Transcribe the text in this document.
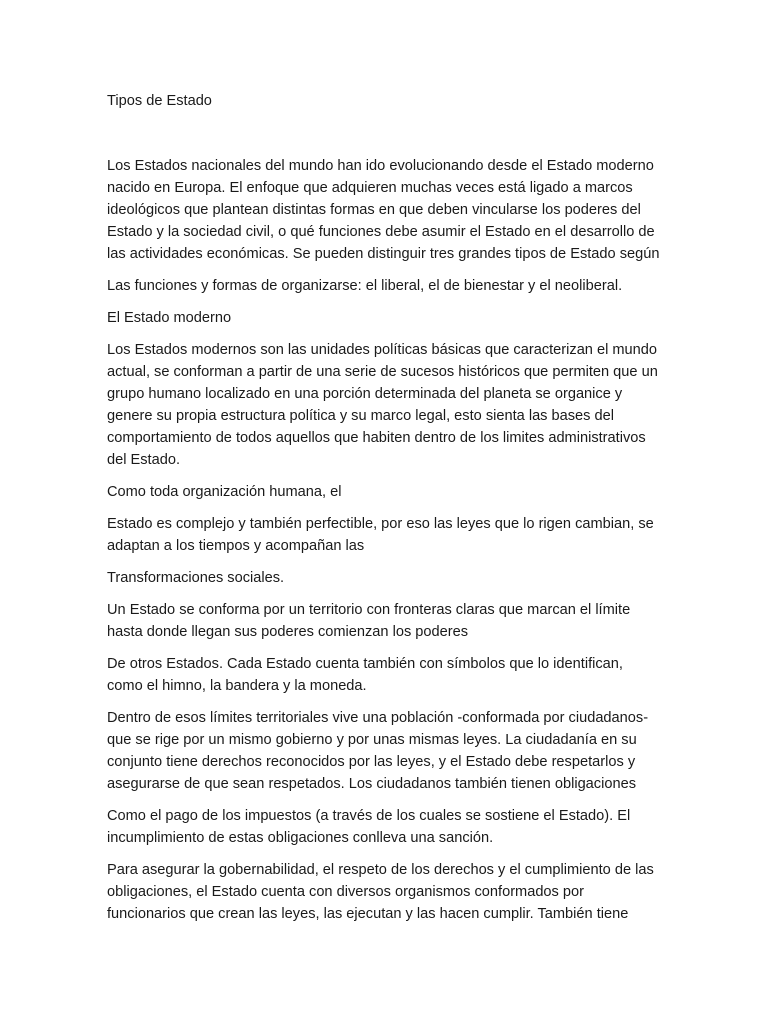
Tipos de Estado

Los Estados nacionales del mundo han ido evolucionando desde el Estado moderno nacido en Europa. El enfoque que adquieren muchas veces está ligado a marcos ideológicos que plantean distintas formas en que deben vincularse los poderes del Estado y la sociedad civil, o qué funciones debe asumir el Estado en el desarrollo de las actividades económicas. Se pueden distinguir tres grandes tipos de Estado según

Las funciones y formas de organizarse: el liberal, el de bienestar y el neoliberal.

El Estado moderno

Los Estados modernos son las unidades políticas básicas que caracterizan el mundo actual, se conforman a partir de una serie de sucesos históricos que permiten que un grupo humano localizado en una porción determinada del planeta se organice y genere su propia estructura política y su marco legal, esto sienta las bases del comportamiento de todos aquellos que habiten dentro de los limites administrativos del Estado.

Como toda organización humana, el

Estado es complejo y también perfectible, por eso las leyes que lo rigen cambian, se adaptan a los tiempos y acompañan las

Transformaciones sociales.

Un Estado se conforma por un territorio con fronteras claras que marcan el límite hasta donde llegan sus poderes comienzan los poderes

De otros Estados. Cada Estado cuenta también con símbolos que lo identifican, como el himno, la bandera y la moneda.

Dentro de esos límites territoriales vive una población -conformada por ciudadanos- que se rige por un mismo gobierno y por unas mismas leyes. La ciudadanía en su conjunto tiene derechos reconocidos por las leyes, y el Estado debe respetarlos y asegurarse de que sean respetados. Los ciudadanos también tienen obligaciones

Como el pago de los impuestos (a través de los cuales se sostiene el Estado). El incumplimiento de estas obligaciones conlleva una sanción.

Para asegurar la gobernabilidad, el respeto de los derechos y el cumplimiento de las obligaciones, el Estado cuenta con diversos organismos conformados por funcionarios que crean las leyes, las ejecutan y las hacen cumplir. También tiene
